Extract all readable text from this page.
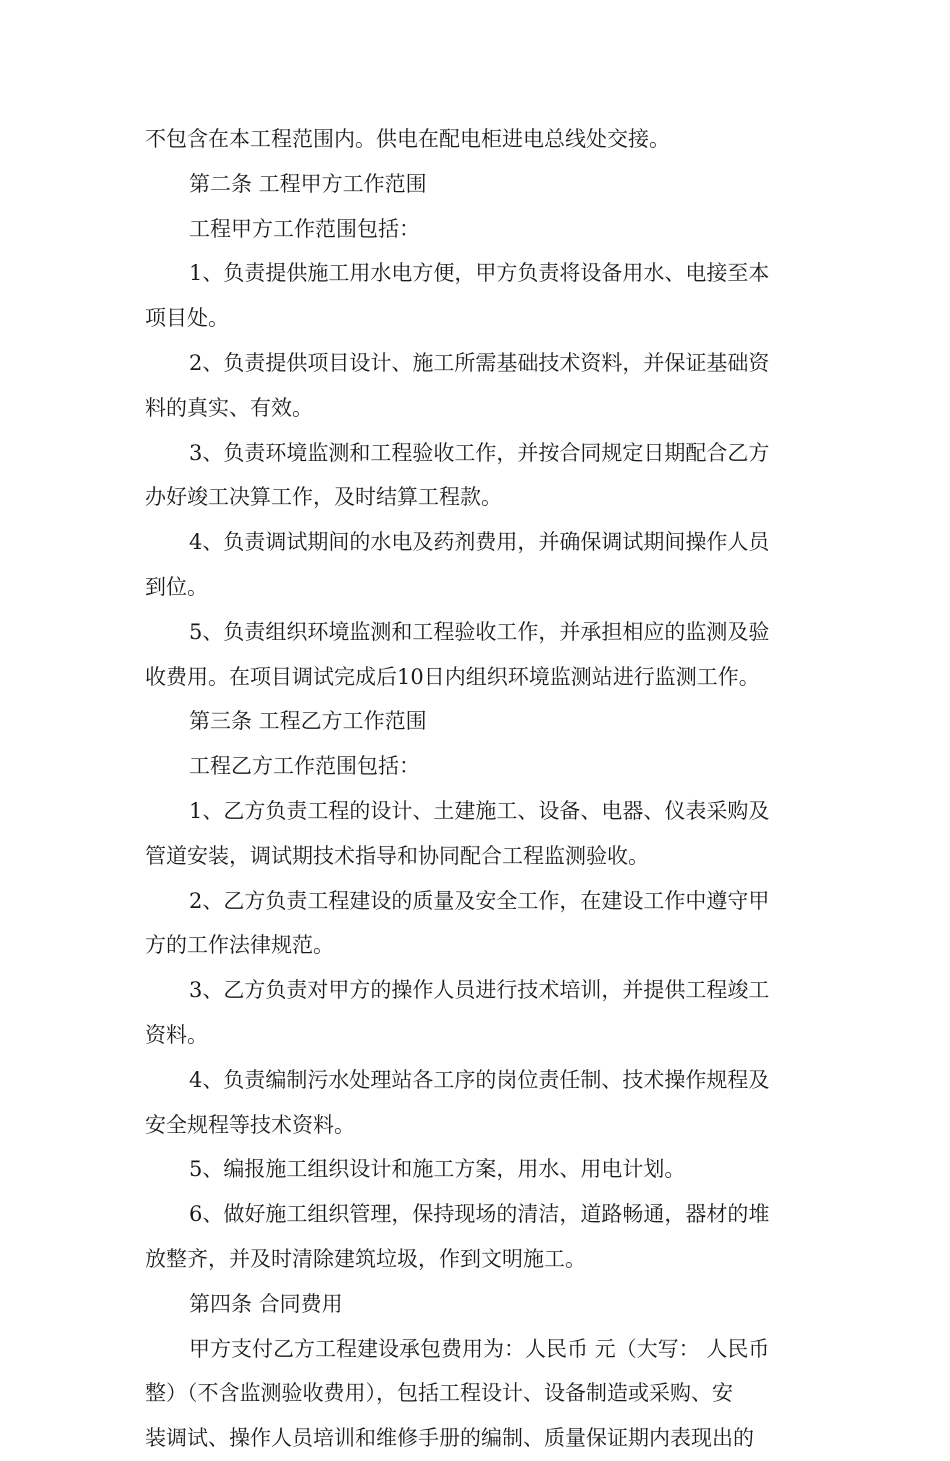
不包含在本工程范围内。供电在配电柜进电总线处交接。
第二条 工程甲方工作范围
工程甲方工作范围包括：
1、负责提供施工用水电方便，甲方负责将设备用水、电接至本
项目处。
2、负责提供项目设计、施工所需基础技术资料，并保证基础资
料的真实、有效。
3、负责环境监测和工程验收工作，并按合同规定日期配合乙方
办好竣工决算工作，及时结算工程款。
4、负责调试期间的水电及药剂费用，并确保调试期间操作人员
到位。
5、负责组织环境监测和工程验收工作，并承担相应的监测及验
收费用。在项目调试完成后10日内组织环境监测站进行监测工作。
第三条 工程乙方工作范围
工程乙方工作范围包括：
1、乙方负责工程的设计、土建施工、设备、电器、仪表采购及
管道安装，调试期技术指导和协同配合工程监测验收。
2、乙方负责工程建设的质量及安全工作，在建设工作中遵守甲
方的工作法律规范。
3、乙方负责对甲方的操作人员进行技术培训，并提供工程竣工
资料。
4、负责编制污水处理站各工序的岗位责任制、技术操作规程及
安全规程等技术资料。
5、编报施工组织设计和施工方案，用水、用电计划。
6、做好施工组织管理，保持现场的清洁，道路畅通，器材的堆
放整齐，并及时清除建筑垃圾，作到文明施工。
第四条 合同费用
甲方支付乙方工程建设承包费用为：人民币 元（大写： 人民币
整）（不含监测验收费用），包括工程设计、设备制造或采购、安
装调试、操作人员培训和维修手册的编制、质量保证期内表现出的
